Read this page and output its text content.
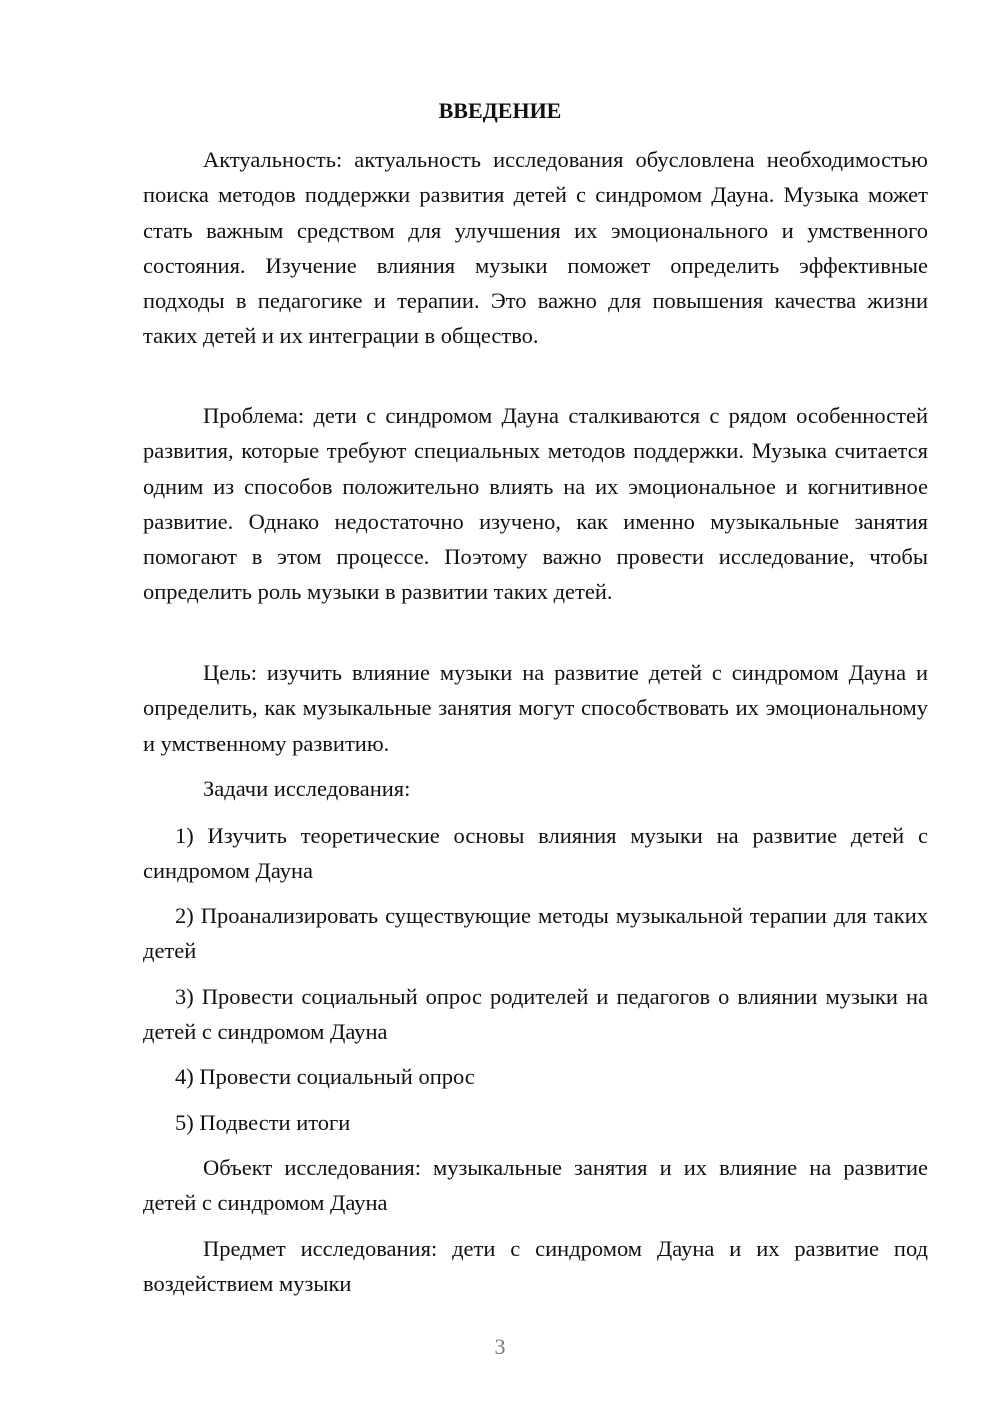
ВВЕДЕНИЕ

Актуальность: актуальность исследования обусловлена необходимостью поиска методов поддержки развития детей с синдромом Дауна. Музыка может стать важным средством для улучшения их эмоционального и умственного состояния. Изучение влияния музыки поможет определить эффективные подходы в педагогике и терапии. Это важно для повышения качества жизни таких детей и их интеграции в общество.

Проблема: дети с синдромом Дауна сталкиваются с рядом особенностей развития, которые требуют специальных методов поддержки. Музыка считается одним из способов положительно влиять на их эмоциональное и когнитивное развитие. Однако недостаточно изучено, как именно музыкальные занятия помогают в этом процессе. Поэтому важно провести исследование, чтобы определить роль музыки в развитии таких детей.

Цель: изучить влияние музыки на развитие детей с синдромом Дауна и определить, как музыкальные занятия могут способствовать их эмоциональному и умственному развитию.

Задачи исследования:

1) Изучить теоретические основы влияния музыки на развитие детей с синдромом Дауна

2) Проанализировать существующие методы музыкальной терапии для таких детей

3) Провести социальный опрос родителей и педагогов о влиянии музыки на детей с синдромом Дауна

4) Провести социальный опрос

5) Подвести итоги

Объект исследования: музыкальные занятия и их влияние на развитие детей с синдромом Дауна

Предмет исследования: дети с синдромом Дауна и их развитие под воздействием музыки

3
